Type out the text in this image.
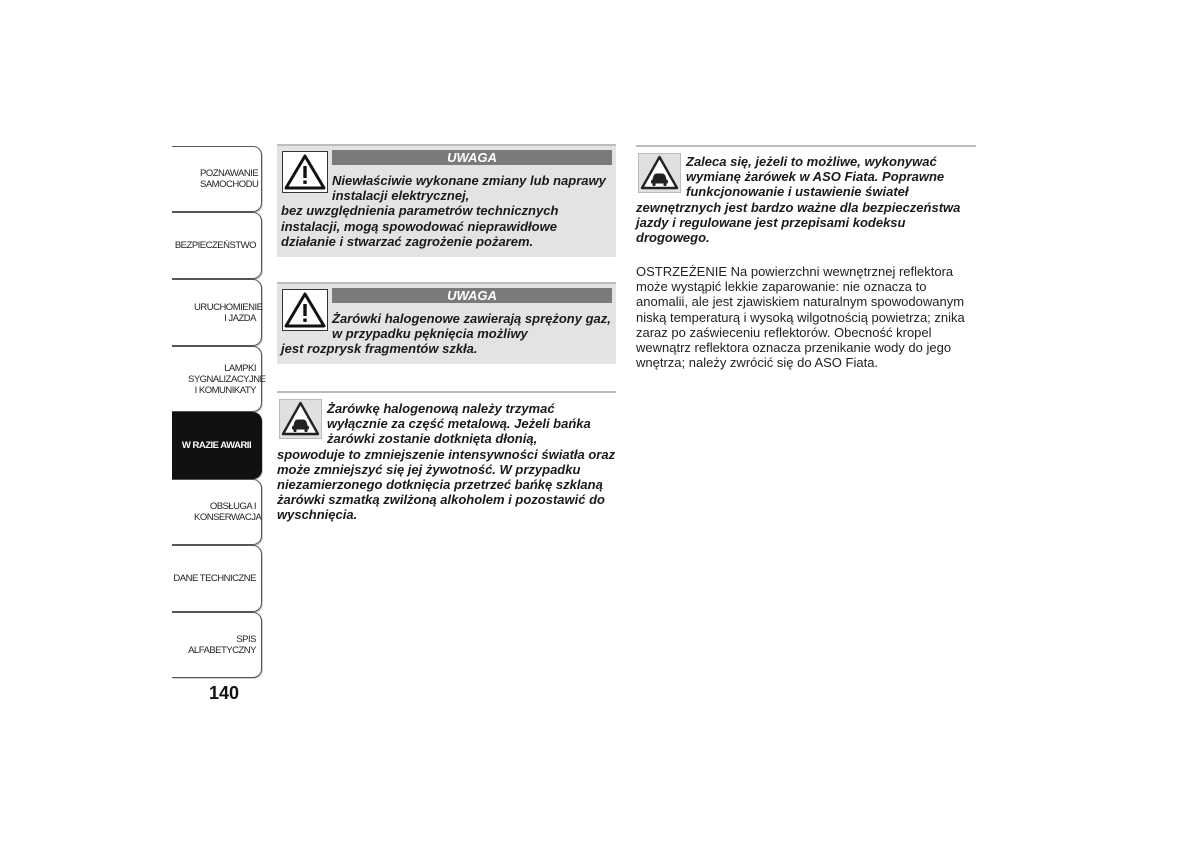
POZNAWANIE SAMOCHODU
BEZPIECZEŃSTWO
URUCHOMIENIE I JAZDA
LAMPKI SYGNALIZACYJNE I KOMUNIKATY
W RAZIE AWARII
OBSŁUGA I KONSERWACJA
DANE TECHNICZNE
SPIS ALFABETYCZNY
140
UWAGA
Niewłaściwie wykonane zmiany lub naprawy instalacji elektrycznej,
bez uwzględnienia parametrów technicznych instalacji, mogą spowodować nieprawidłowe działanie i stwarzać zagrożenie pożarem.
UWAGA
Żarówki halogenowe zawierają sprężony gaz, w przypadku pęknięcia możliwy
jest rozprysk fragmentów szkła.
Żarówkę halogenową należy trzymać wyłącznie za część metalową. Jeżeli bańka żarówki zostanie dotknięta dłonią,
spowoduje to zmniejszenie intensywności światła oraz może zmniejszyć się jej żywotność. W przypadku niezamierzonego dotknięcia przetrzeć bańkę szklaną żarówki szmatką zwilżoną alkoholem i pozostawić do wyschnięcia.
Zaleca się, jeżeli to możliwe, wykonywać wymianę żarówek w ASO Fiata. Poprawne funkcjonowanie i ustawienie świateł
zewnętrznych jest bardzo ważne dla bezpieczeństwa jazdy i regulowane jest przepisami kodeksu drogowego.
OSTRZEŻENIE Na powierzchni wewnętrznej reflektora może wystąpić lekkie zaparowanie: nie oznacza to anomalii, ale jest zjawiskiem naturalnym spowodowanym niską temperaturą i wysoką wilgotnością powietrza; znika zaraz po zaświeceniu reflektorów. Obecność kropel wewnątrz reflektora oznacza przenikanie wody do jego wnętrza; należy zwrócić się do ASO Fiata.
